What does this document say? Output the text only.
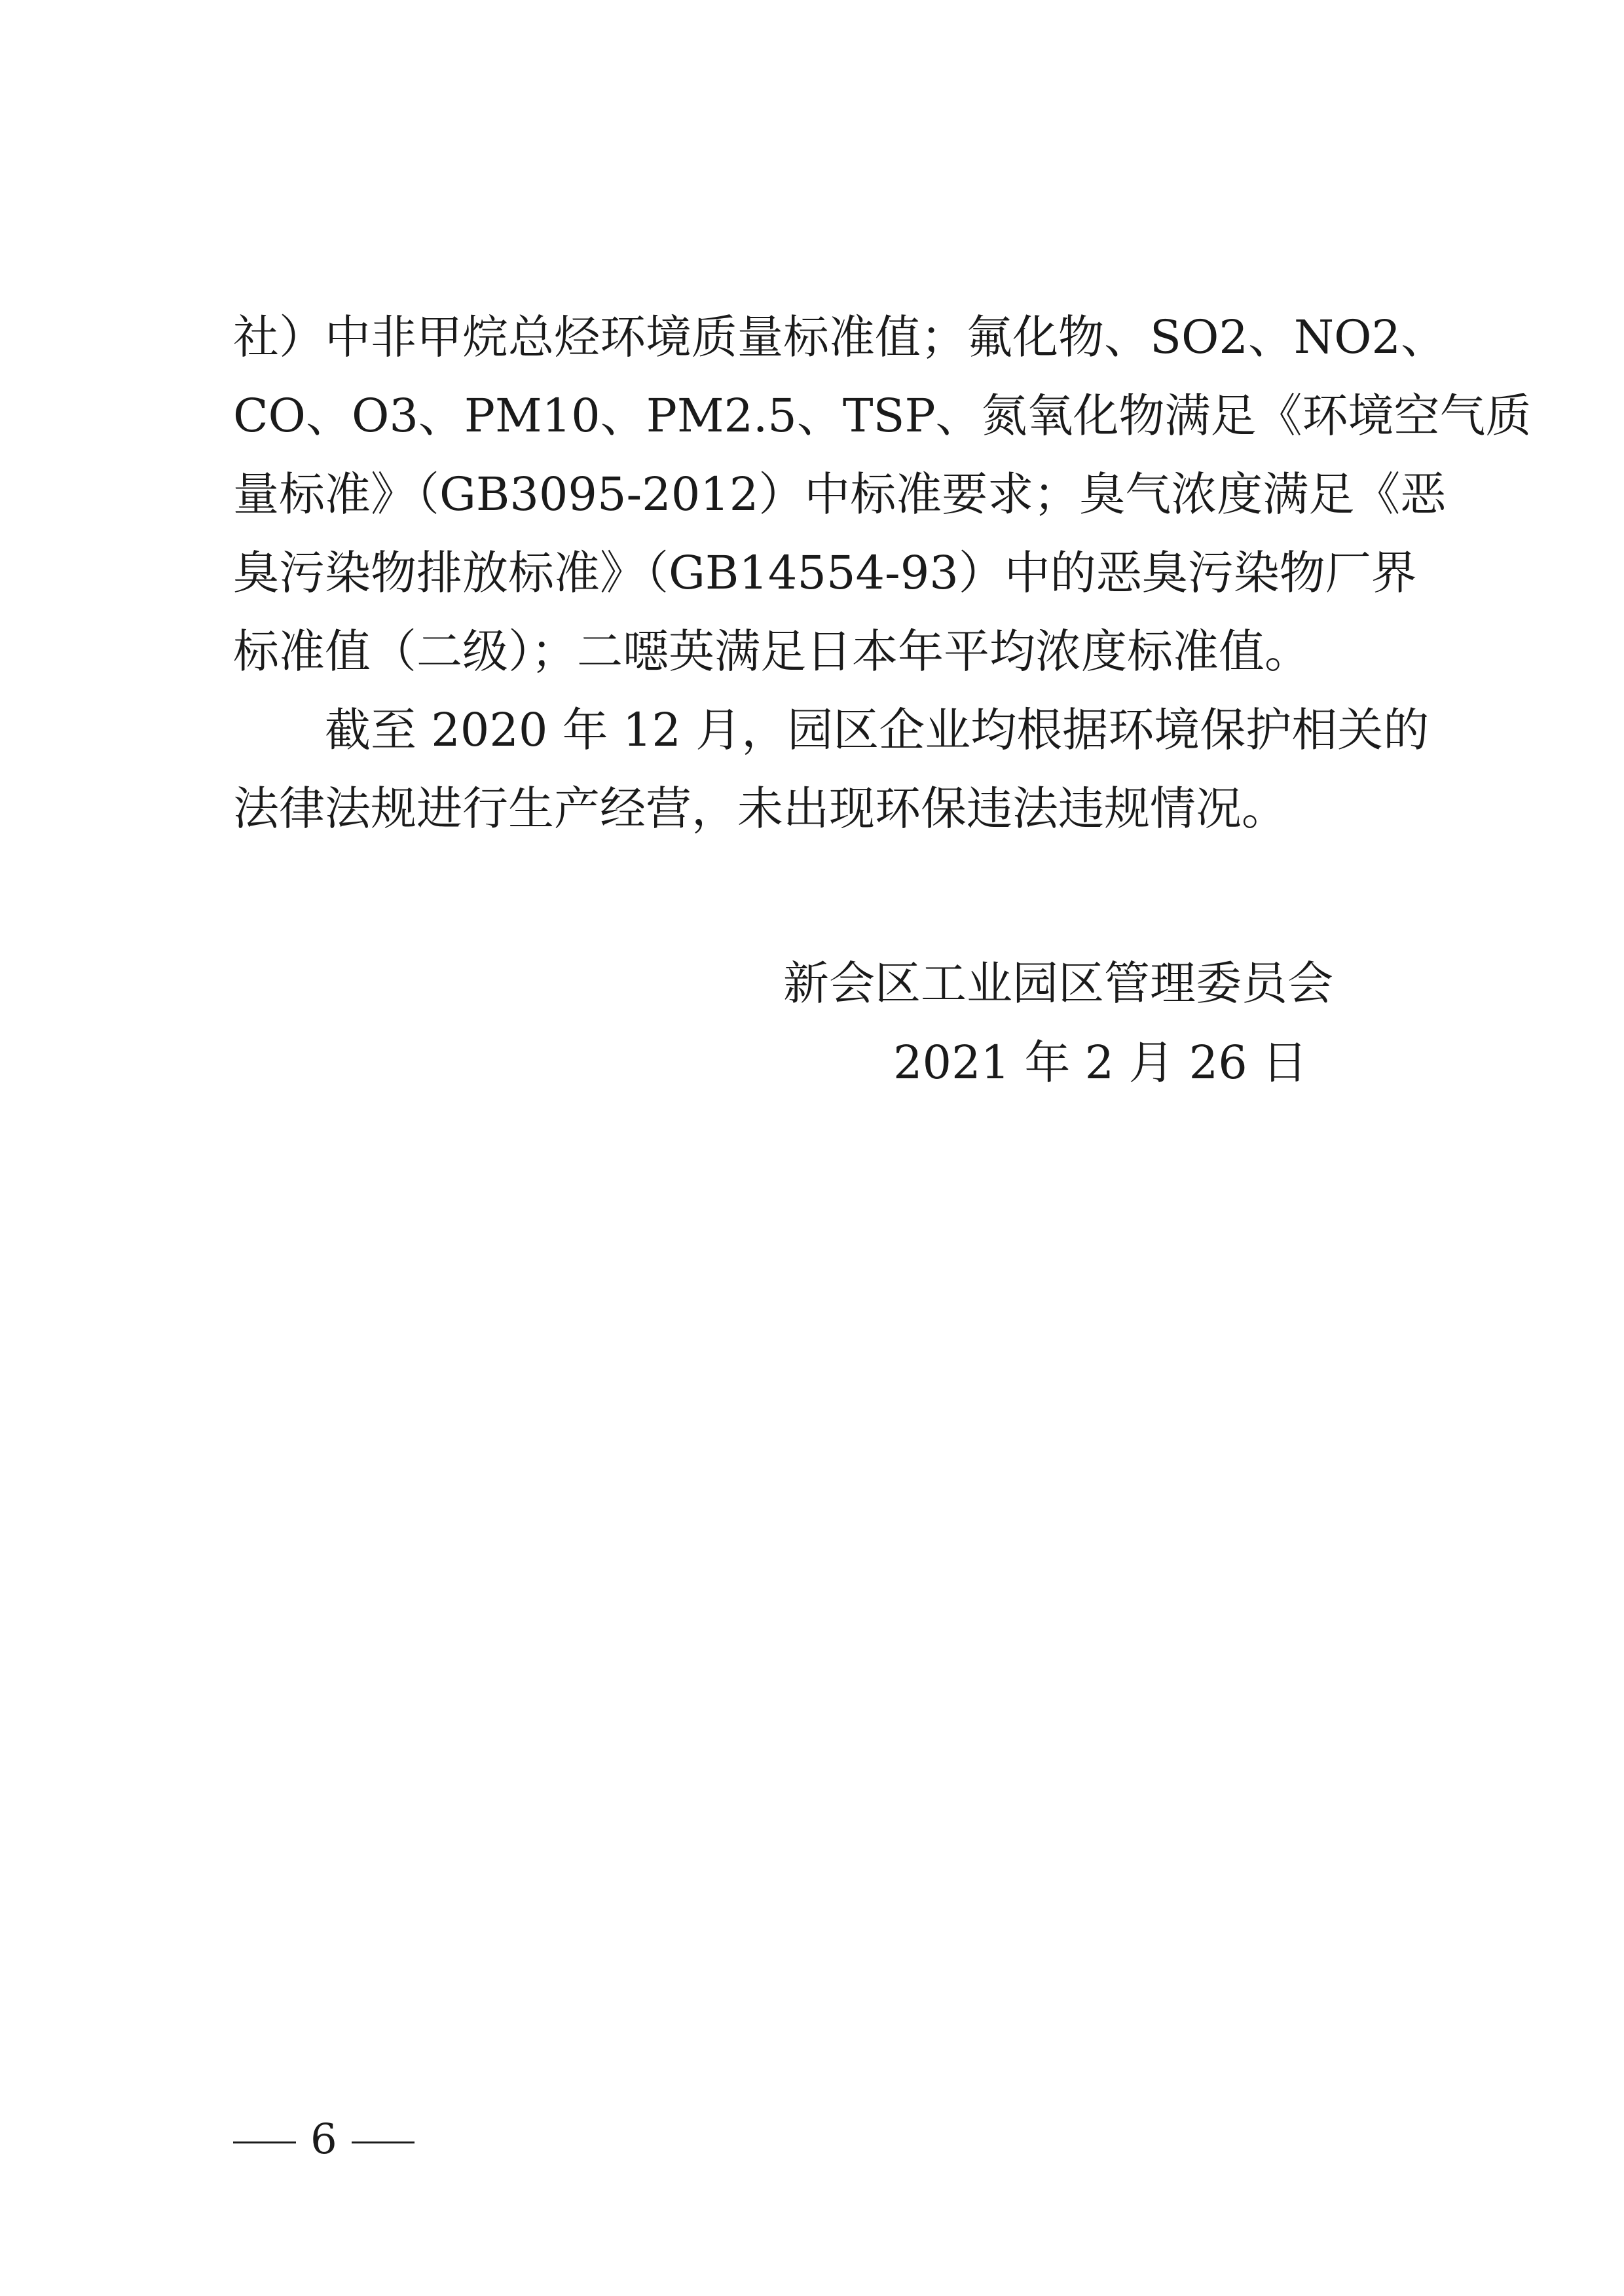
社）中非甲烷总烃环境质量标准值；氟化物、SO2、NO2、
CO、O3、PM10、PM2.5、TSP、氮氧化物满足《环境空气质
量标准》（GB3095-2012）中标准要求；臭气浓度满足《恶
臭污染物排放标准》（GB14554-93）中的恶臭污染物厂界
标准值（二级）；二噁英满足日本年平均浓度标准值。
截至 2020 年 12 月，园区企业均根据环境保护相关的
法律法规进行生产经营，未出现环保违法违规情况。
新会区工业园区管理委员会
2021 年 2 月 26 日
6
